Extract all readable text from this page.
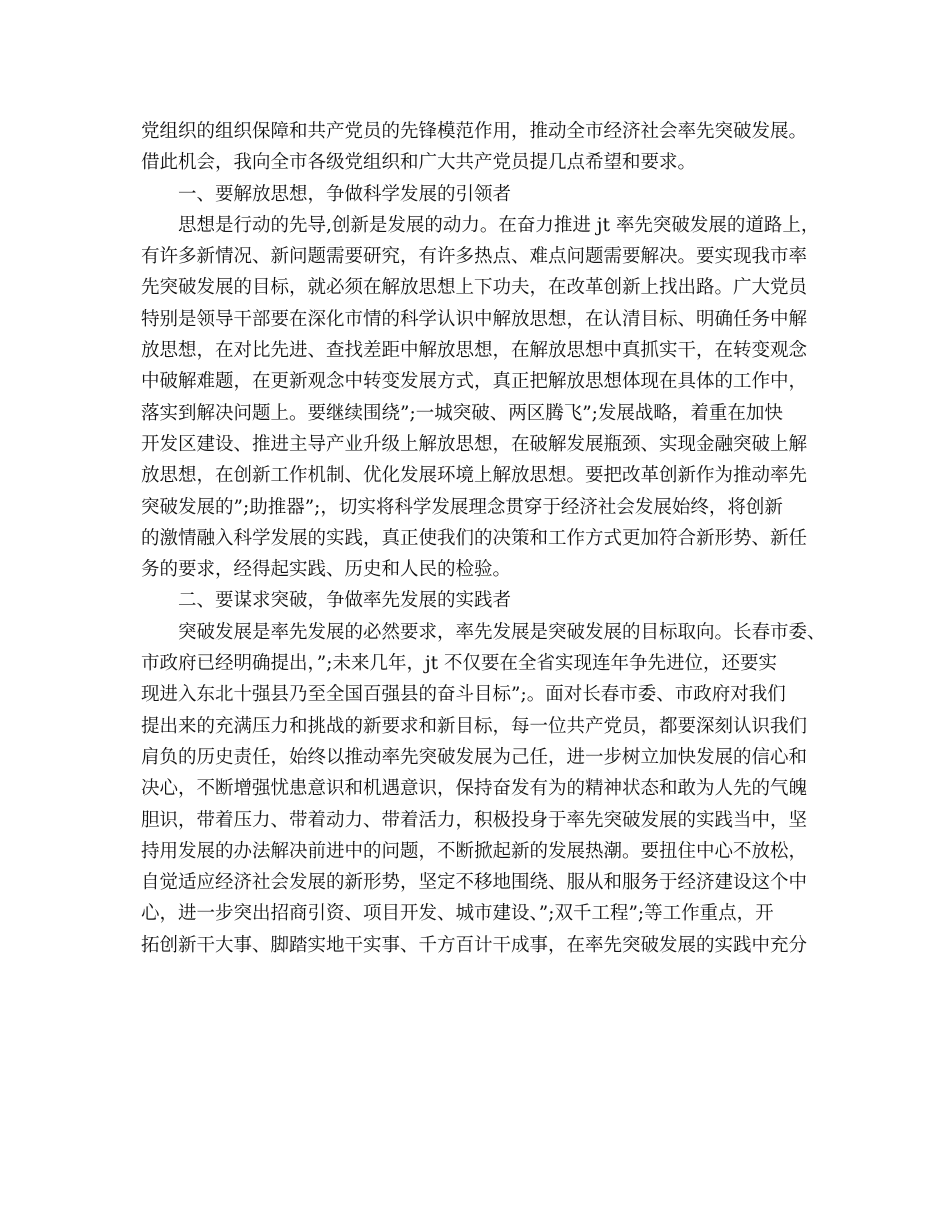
党组织的组织保障和共产党员的先锋模范作用，推动全市经济社会率先突破发展。
借此机会，我向全市各级党组织和广大共产党员提几点希望和要求。
一、要解放思想，争做科学发展的引领者
思想是行动的先导,创新是发展的动力。在奋力推进 jt 率先突破发展的道路上，
有许多新情况、新问题需要研究，有许多热点、难点问题需要解决。要实现我市率
先突破发展的目标，就必须在解放思想上下功夫，在改革创新上找出路。广大党员
特别是领导干部要在深化市情的科学认识中解放思想，在认清目标、明确任务中解
放思想，在对比先进、查找差距中解放思想，在解放思想中真抓实干，在转变观念
中破解难题，在更新观念中转变发展方式，真正把解放思想体现在具体的工作中，
落实到解决问题上。要继续围绕”;一城突破、两区腾飞”;发展战略，着重在加快
开发区建设、推进主导产业升级上解放思想，在破解发展瓶颈、实现金融突破上解
放思想，在创新工作机制、优化发展环境上解放思想。要把改革创新作为推动率先
突破发展的”;助推器”;，切实将科学发展理念贯穿于经济社会发展始终，将创新
的激情融入科学发展的实践，真正使我们的决策和工作方式更加符合新形势、新任
务的要求，经得起实践、历史和人民的检验。
二、要谋求突破，争做率先发展的实践者
突破发展是率先发展的必然要求，率先发展是突破发展的目标取向。长春市委、
市政府已经明确提出，”;未来几年，jt 不仅要在全省实现连年争先进位，还要实
现进入东北十强县乃至全国百强县的奋斗目标”;。面对长春市委、市政府对我们
提出来的充满压力和挑战的新要求和新目标，每一位共产党员，都要深刻认识我们
肩负的历史责任，始终以推动率先突破发展为己任，进一步树立加快发展的信心和
决心，不断增强忧患意识和机遇意识，保持奋发有为的精神状态和敢为人先的气魄
胆识，带着压力、带着动力、带着活力，积极投身于率先突破发展的实践当中，坚
持用发展的办法解决前进中的问题，不断掀起新的发展热潮。要扭住中心不放松，
自觉适应经济社会发展的新形势，坚定不移地围绕、服从和服务于经济建设这个中
心，进一步突出招商引资、项目开发、城市建设、”;双千工程”;等工作重点，开
拓创新干大事、脚踏实地干实事、千方百计干成事，在率先突破发展的实践中充分
